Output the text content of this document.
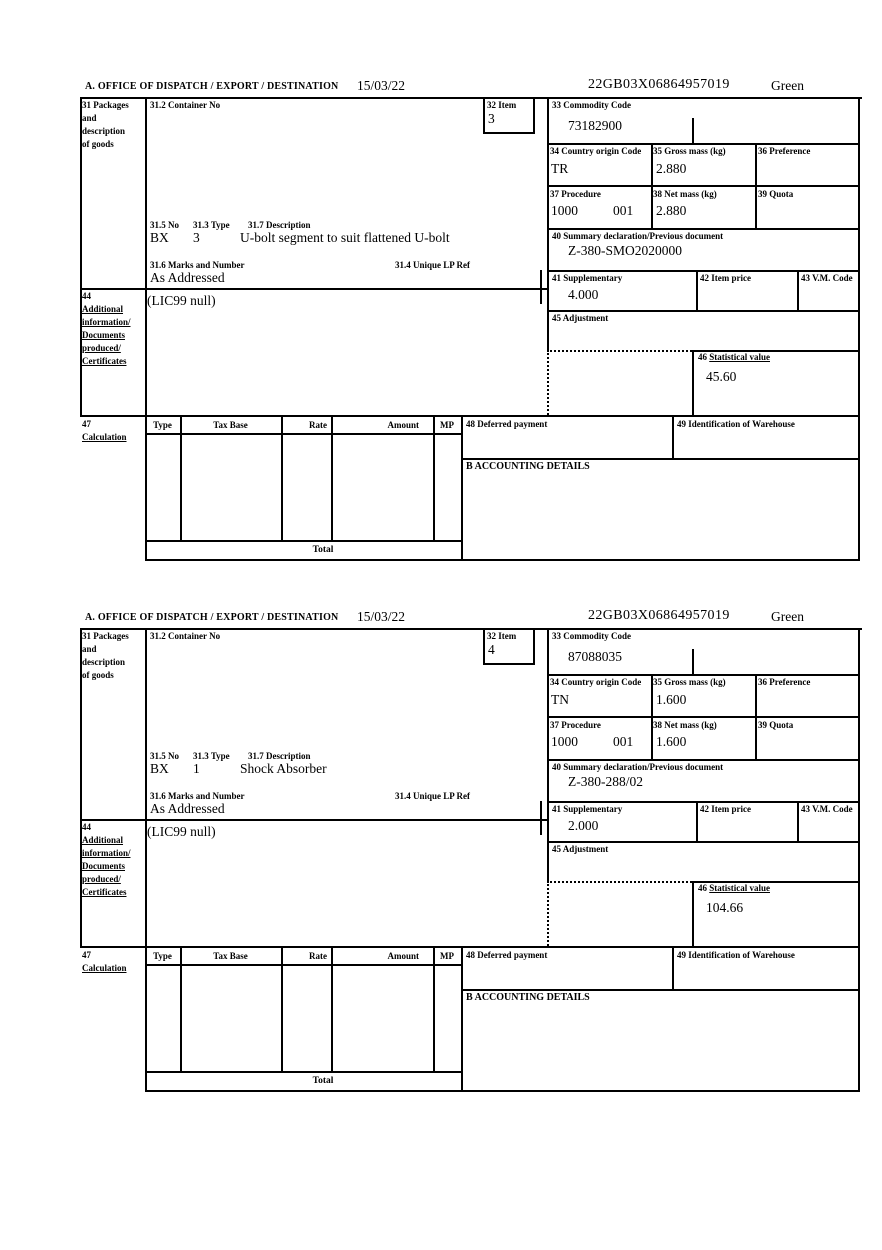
A. OFFICE OF DISPATCH / EXPORT / DESTINATION 15/03/22	22GB03X06864957019	Green
31 Packages
and
description
of goods
31.2 Container No	32 Item
3
33 Commodity Code
73182900
34 Country origin Code
TR
35 Gross mass (kg)
2.880
36 Preference
37 Procedure
1000	001
38 Net mass (kg)
2.880
39 Quota
31.5 No 31.3 Type 31.7 Description
BX 3	U-bolt segment to suit flattened U-bolt	40 Summary declaration/Previous document
Z-380-SMO2020000
31.6 Marks and Number	31.4 Unique LP Ref
As Addressed	41 Supplementary
4.000
42 Item price	43 V.M. Code
45 Adjustment
46 Statistical value
45.60
44
Additional
information/
Documents
produced/
Certificates
(LIC99 null)
47
Calculation
Type	Tax Base	Rate	Amount	MP
Total
48 Deferred payment	49 Identification of Warehouse
B ACCOUNTING DETAILS
A. OFFICE OF DISPATCH / EXPORT / DESTINATION 15/03/22	22GB03X06864957019	Green
31 Packages
and
description
of goods
31.2 Container No	32 Item
4
33 Commodity Code
87088035
34 Country origin Code
TN
35 Gross mass (kg)
1.600
36 Preference
37 Procedure
1000	001
38 Net mass (kg)
1.600
39 Quota
31.5 No 31.3 Type 31.7 Description
BX 1	Shock Absorber	40 Summary declaration/Previous document
Z-380-288/02
31.6 Marks and Number	31.4 Unique LP Ref
As Addressed	41 Supplementary
2.000
42 Item price	43 V.M. Code
45 Adjustment
46 Statistical value
104.66
44
Additional
information/
Documents
produced/
Certificates
(LIC99 null)
47
Calculation
Type	Tax Base	Rate	Amount	MP
Total
48 Deferred payment	49 Identification of Warehouse
B ACCOUNTING DETAILS
